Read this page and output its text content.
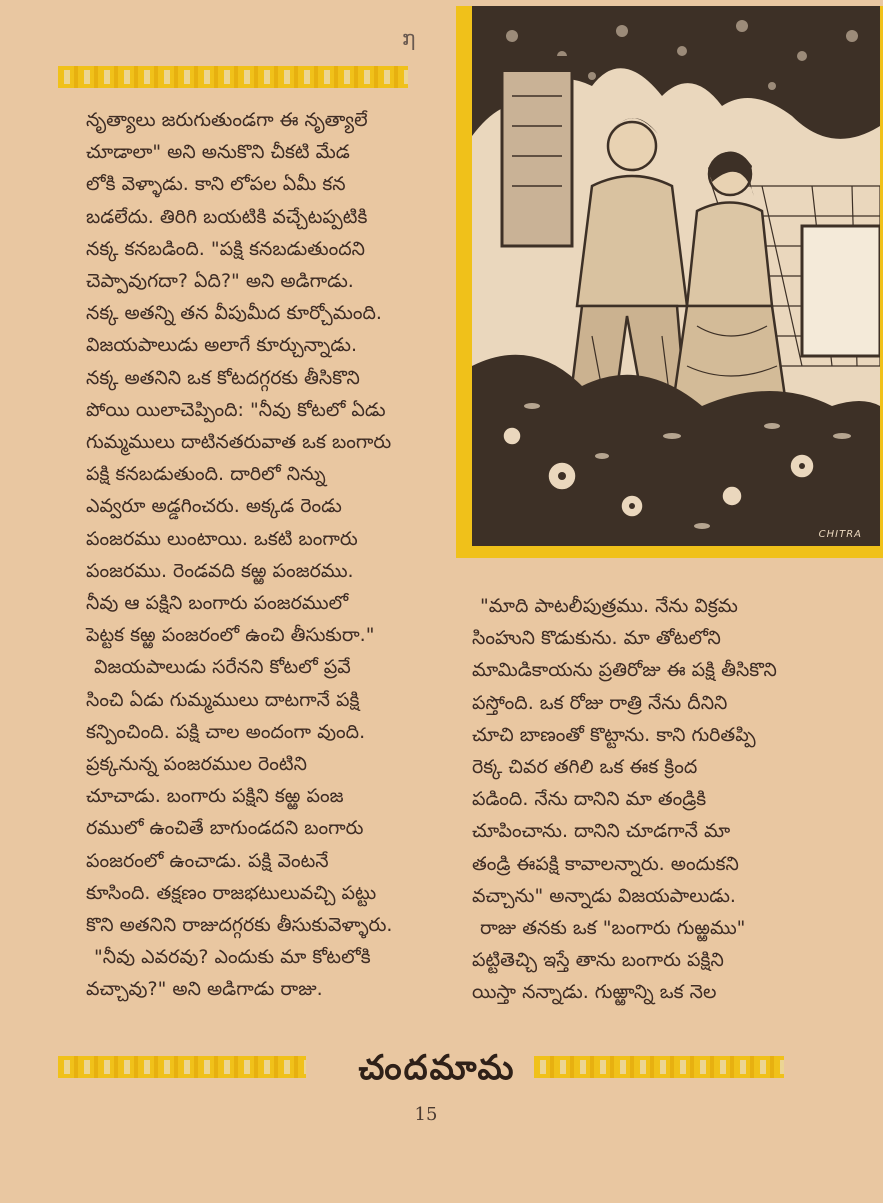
໗

నృత్యాలు జరుగుతుండగా ఈ నృత్యాలే

చూడాలా" అని అనుకొని చీకటి మేడ

లోకి వెళ్ళాడు. కాని లోపల ఏమీ కన

బడలేదు. తిరిగి బయటికి వచ్చేటప్పటికి

నక్క కనబడింది. "పక్షి కనబడుతుందని

చెప్పావుగదా? ఏది?" అని అడిగాడు.

నక్క అతన్ని తన వీపుమీద కూర్చోమంది.

విజయపాలుడు అలాగే కూర్చున్నాడు.

నక్క అతనిని ఒక కోటదగ్గరకు తీసికొని

పోయి యిలాచెప్పింది: "నీవు కోటలో ఏడు

గుమ్మములు దాటినతరువాత ఒక బంగారు

పక్షి కనబడుతుంది. దారిలో నిన్ను

ఎవ్వరూ అడ్డగించరు. అక్కడ రెండు

పంజరము లుంటాయి. ఒకటి బంగారు

పంజరము. రెండవది కఱ్ఱ పంజరము.

నీవు ఆ పక్షిని బంగారు పంజరములో

పెట్టక కఱ్ఱ పంజరంలో ఉంచి తీసుకురా."

విజయపాలుడు సరేనని కోటలో ప్రవే

సించి ఏడు గుమ్మములు దాటగానే పక్షి

కన్పించింది. పక్షి చాల అందంగా వుంది.

ప్రక్కనున్న పంజరముల రెంటిని

చూచాడు. బంగారు పక్షిని కఱ్ఱ పంజ

రములో ఉంచితే బాగుండదని బంగారు

పంజరంలో ఉంచాడు. పక్షి వెంటనే

కూసింది. తక్షణం రాజభటులువచ్చి పట్టు

కొని అతనిని రాజుదగ్గరకు తీసుకువెళ్ళారు.

"నీవు ఎవరవు? ఎందుకు మా కోటలోకి

వచ్చావు?" అని అడిగాడు రాజు.

CHITRA

"మాది పాటలీపుత్రము. నేను విక్రమ

సింహుని కొడుకును. మా తోటలోని

మామిడికాయను ప్రతిరోజు ఈ పక్షి తీసికొని

పస్తోంది. ఒక రోజు రాత్రి నేను దీనిని

చూచి బాణంతో కొట్టాను. కాని గురితప్పి

రెక్క చివర తగిలి ఒక ఈక క్రింద

పడింది. నేను దానిని మా తండ్రికి

చూపించాను. దానిని చూడగానే మా

తండ్రి ఈపక్షి కావాలన్నారు. అందుకని

వచ్చాను" అన్నాడు విజయపాలుడు.

రాజు తనకు ఒక "బంగారు గుఱ్ఱము"

పట్టితెచ్చి ఇస్తే తాను బంగారు పక్షిని

యిస్తా నన్నాడు. గుఱ్ఱాన్ని ఒక నెల

చందమామ
15
